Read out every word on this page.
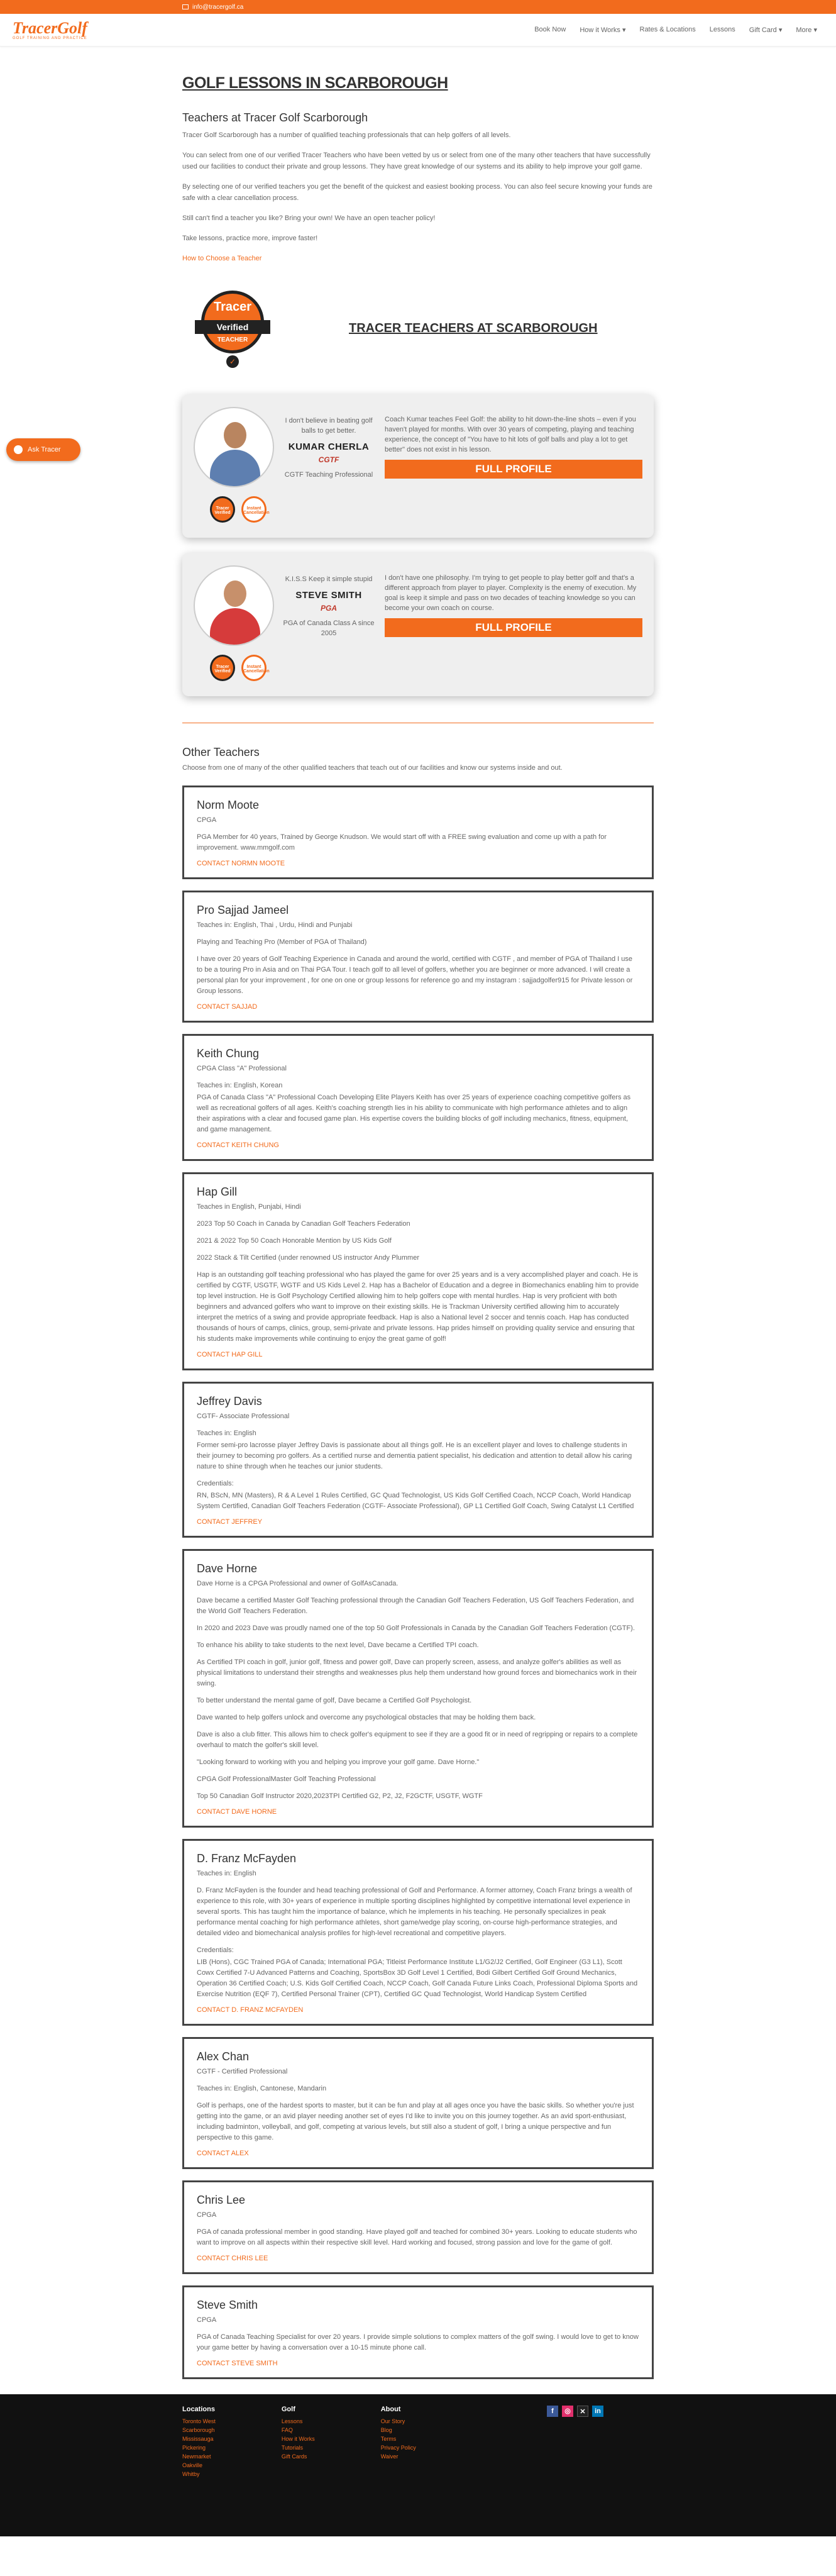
info@tracergolf.ca
TracerGolf
GOLF TRAINING AND PRACTICE
Book Now How it Works ▾ Rates & Locations Lessons Gift Card ▾ More ▾
Ask Tracer
GOLF LESSONS IN SCARBOROUGH
Teachers at Tracer Golf Scarborough

Tracer Golf Scarborough has a number of qualified teaching professionals that can help golfers of all levels.

You can select from one of our verified Tracer Teachers who have been vetted by us or select from one of the many other teachers that have successfully used our facilities to conduct their private and group lessons. They have great knowledge of our systems and its ability to help improve your golf game.

By selecting one of our verified teachers you get the benefit of the quickest and easiest booking process. You can also feel secure knowing your funds are safe with a clear cancellation process.

Still can't find a teacher you like? Bring your own! We have an open teacher policy!

Take lessons, practice more, improve faster!

How to Choose a Teacher
Tracer
Verified
TEACHER
✓
TRACER TEACHERS AT SCARBOROUGH
Tracer Verified
Instant Cancellation
I don't believe in beating golf balls to get better.
KUMAR CHERLA
CGTF
CGTF Teaching Professional
Coach Kumar teaches Feel Golf: the ability to hit down-the-line shots – even if you haven't played for months. With over 30 years of competing, playing and teaching experience, the concept of "You have to hit lots of golf balls and play a lot to get better" does not exist in his lesson.
FULL PROFILE
Tracer Verified
Instant Cancellation
K.I.S.S Keep it simple stupid
STEVE SMITH
PGA
PGA of Canada Class A since 2005
I don't have one philosophy. I'm trying to get people to play better golf and that's a different approach from player to player. Complexity is the enemy of execution. My goal is keep it simple and pass on two decades of teaching knowledge so you can become your own coach on course.
FULL PROFILE
Other Teachers

Choose from one of many of the other qualified teachers that teach out of our facilities and know our systems inside and out.

Norm Moote
CPGA
PGA Member for 40 years, Trained by George Knudson. We would start off with a FREE swing evaluation and come up with a path for improvement. www.mmgolf.com
CONTACT NORMN MOOTE
Pro Sajjad Jameel
Teaches in: English, Thai , Urdu, Hindi and Punjabi
Playing and Teaching Pro (Member of PGA of Thailand)
I have over 20 years of Golf Teaching Experience in Canada and around the world, certified with CGTF , and member of PGA of Thailand I use to be a touring Pro in Asia and on Thai PGA Tour. I teach golf to all level of golfers, whether you are beginner or more advanced. I will create a personal plan for your improvement , for one on one or group lessons for reference go and my instagram : sajjadgolfer915 for Private lesson or Group lessons.
CONTACT SAJJAD
Keith Chung
CPGA Class "A" Professional
Teaches in: English, Korean
PGA of Canada Class "A" Professional Coach Developing Elite Players Keith has over 25 years of experience coaching competitive golfers as well as recreational golfers of all ages. Keith's coaching strength lies in his ability to communicate with high performance athletes and to align their aspirations with a clear and focused game plan. His expertise covers the building blocks of golf including mechanics, fitness, equipment, and game management.
CONTACT KEITH CHUNG
Hap Gill
Teaches in English, Punjabi, Hindi
2023 Top 50 Coach in Canada by Canadian Golf Teachers Federation
2021 & 2022 Top 50 Coach Honorable Mention by US Kids Golf
2022 Stack & Tilt Certified (under renowned US instructor Andy Plummer
Hap is an outstanding golf teaching professional who has played the game for over 25 years and is a very accomplished player and coach. He is certified by CGTF, USGTF, WGTF and US Kids Level 2. Hap has a Bachelor of Education and a degree in Biomechanics enabling him to provide top level instruction. He is Golf Psychology Certified allowing him to help golfers cope with mental hurdles. Hap is very proficient with both beginners and advanced golfers who want to improve on their existing skills. He is Trackman University certified allowing him to accurately interpret the metrics of a swing and provide appropriate feedback. Hap is also a National level 2 soccer and tennis coach. Hap has conducted thousands of hours of camps, clinics, group, semi-private and private lessons. Hap prides himself on providing quality service and ensuring that his students make improvements while continuing to enjoy the great game of golf!
CONTACT HAP GILL
Jeffrey Davis
CGTF- Associate Professional
Teaches in: English
Former semi-pro lacrosse player Jeffrey Davis is passionate about all things golf. He is an excellent player and loves to challenge students in their journey to becoming pro golfers. As a certified nurse and dementia patient specialist, his dedication and attention to detail allow his caring nature to shine through when he teaches our junior students.
Credentials:
RN, BScN, MN (Masters), R & A Level 1 Rules Certified, GC Quad Technologist, US Kids Golf Certified Coach, NCCP Coach, World Handicap System Certified, Canadian Golf Teachers Federation (CGTF- Associate Professional), GP L1 Certified Golf Coach, Swing Catalyst L1 Certified
CONTACT JEFFREY
Dave Horne
Dave Horne is a CPGA Professional and owner of GolfAsCanada.
Dave became a certified Master Golf Teaching professional through the Canadian Golf Teachers Federation, US Golf Teachers Federation, and the World Golf Teachers Federation.
In 2020 and 2023 Dave was proudly named one of the top 50 Golf Professionals in Canada by the Canadian Golf Teachers Federation (CGTF).
To enhance his ability to take students to the next level, Dave became a Certified TPI coach.
As Certified TPI coach in golf, junior golf, fitness and power golf, Dave can properly screen, assess, and analyze golfer's abilities as well as physical limitations to understand their strengths and weaknesses plus help them understand how ground forces and biomechanics work in their swing.
To better understand the mental game of golf, Dave became a Certified Golf Psychologist.
Dave wanted to help golfers unlock and overcome any psychological obstacles that may be holding them back.
Dave is also a club fitter. This allows him to check golfer's equipment to see if they are a good fit or in need of regripping or repairs to a complete overhaul to match the golfer's skill level.
"Looking forward to working with you and helping you improve your golf game. Dave Horne."
CPGA Golf ProfessionalMaster Golf Teaching Professional
Top 50 Canadian Golf Instructor 2020,2023TPI Certified G2, P2, J2, F2GCTF, USGTF, WGTF
CONTACT DAVE HORNE
D. Franz McFayden
Teaches in: English
D. Franz McFayden is the founder and head teaching professional of Golf and Performance. A former attorney, Coach Franz brings a wealth of experience to this role, with 30+ years of experience in multiple sporting disciplines highlighted by competitive international level experience in several sports. This has taught him the importance of balance, which he implements in his teaching. He personally specializes in peak performance mental coaching for high performance athletes, short game/wedge play scoring, on-course high-performance strategies, and detailed video and biomechanical analysis profiles for high-level recreational and competitive players.
Credentials:
LIB (Hons), CGC Trained PGA of Canada; International PGA; Titleist Performance Institute L1/G2/J2 Certified, Golf Engineer (G3 L1), Scott Cowx Certified 7-U Advanced Patterns and Coaching, SportsBox 3D Golf Level 1 Certified, Bodi Gilbert Certified Golf Ground Mechanics, Operation 36 Certified Coach; U.S. Kids Golf Certified Coach, NCCP Coach, Golf Canada Future Links Coach, Professional Diploma Sports and Exercise Nutrition (EQF 7), Certified Personal Trainer (CPT), Certified GC Quad Technologist, World Handicap System Certified
CONTACT D. FRANZ MCFAYDEN
Alex Chan
CGTF - Certified Professional
Teaches in: English, Cantonese, Mandarin
Golf is perhaps, one of the hardest sports to master, but it can be fun and play at all ages once you have the basic skills. So whether you're just getting into the game, or an avid player needing another set of eyes I'd like to invite you on this journey together. As an avid sport-enthusiast, including badminton, volleyball, and golf, competing at various levels, but still also a student of golf, I bring a unique perspective and fun perspective to this game.
CONTACT ALEX
Chris Lee
CPGA
PGA of canada professional member in good standing. Have played golf and teached for combined 30+ years. Looking to educate students who want to improve on all aspects within their respective skill level. Hard working and focused, strong passion and love for the game of golf.
CONTACT CHRIS LEE
Steve Smith
CPGA
PGA of Canada Teaching Specialist for over 20 years. I provide simple solutions to complex matters of the golf swing. I would love to get to know your game better by having a conversation over a 10-15 minute phone call.
CONTACT STEVE SMITH
Locations
Toronto West
Scarborough
Mississauga
Pickering
Newmarket
Oakville
Whitby
Golf
Lessons
FAQ
How it Works
Tutorials
Gift Cards
About
Our Story
Blog
Terms
Privacy Policy
Waiver
f	◎	✕	in
